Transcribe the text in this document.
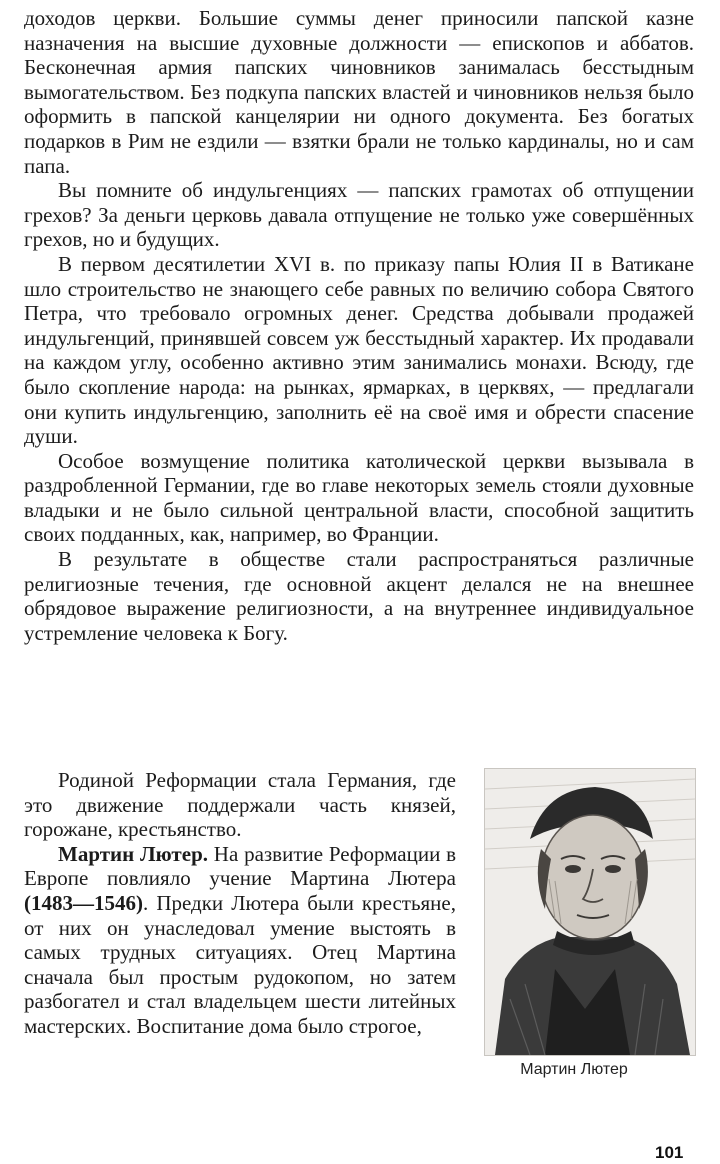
доходов церкви. Большие суммы денег приносили папской казне назначения на высшие духовные должности — епископов и аббатов. Бесконечная армия папских чиновников занималась бесстыдным вымогательством. Без подкупа папских властей и чиновников нельзя было оформить в папской канцелярии ни одного документа. Без богатых подарков в Рим не ездили — взятки брали не только кардиналы, но и сам папа.

Вы помните об индульгенциях — папских грамотах об отпущении грехов? За деньги церковь давала отпущение не только уже совершённых грехов, но и будущих.

В первом десятилетии XVI в. по приказу папы Юлия II в Ватикане шло строительство не знающего себе равных по величию собора Святого Петра, что требовало огромных денег. Средства добывали продажей индульгенций, принявшей совсем уж бесстыдный характер. Их продавали на каждом углу, особенно активно этим занимались монахи. Всюду, где было скопление народа: на рынках, ярмарках, в церквях, — предлагали они купить индульгенцию, заполнить её на своё имя и обрести спасение души.

Особое возмущение политика католической церкви вызывала в раздробленной Германии, где во главе некоторых земель стояли духовные владыки и не было сильной центральной власти, способной защитить своих подданных, как, например, во Франции.

В результате в обществе стали распространяться различные религиозные течения, где основной акцент делался не на внешнее обрядовое выражение религиозности, а на внутреннее индивидуальное устремление человека к Богу.

Родиной Реформации стала Германия, где это движение поддержали часть князей, горожане, крестьянство.

Мартин Лютер. На развитие Реформации в Европе повлияло учение Мартина Лютера (1483—1546). Предки Лютера были крестьяне, от них он унаследовал умение выстоять в самых трудных ситуациях. Отец Мартина сначала был простым рудокопом, но затем разбогател и стал владельцем шести литейных мастерских. Воспитание дома было строгое,

Мартин Лютер
101
